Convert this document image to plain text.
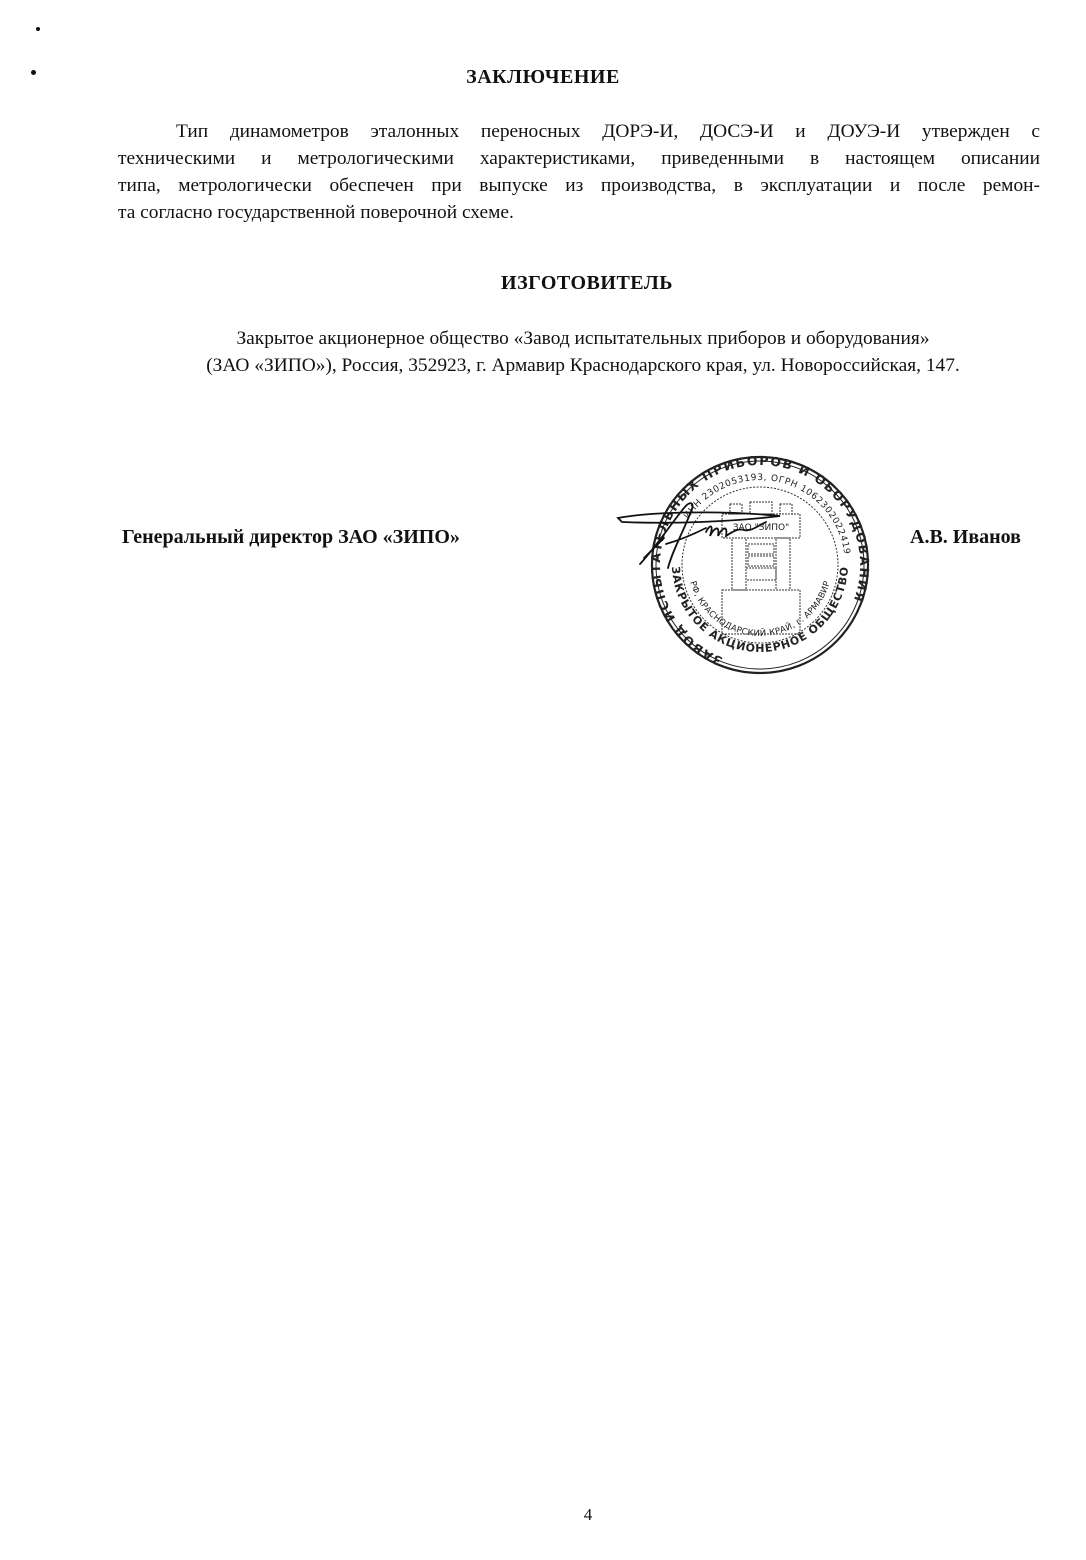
ЗАКЛЮЧЕНИЕ
Тип динамометров эталонных переносных ДОРЭ-И, ДОСЭ-И и ДОУЭ-И утвержден с
техническими и метрологическими характеристиками, приведенными в настоящем описании
типа, метрологически обеспечен при выпуске из производства, в эксплуатации и после ремон-
та согласно государственной поверочной схеме.
ИЗГОТОВИТЕЛЬ

Закрытое акционерное общество «Завод испытательных приборов и оборудования»

(ЗАО «ЗИПО»), Россия, 352923, г. Армавир Краснодарского края, ул. Новороссийская, 147.

Генеральный директор ЗАО «ЗИПО»	А.В. Иванов
ЗАВОД ИСПЫТАТЕЛЬНЫХ ПРИБОРОВ И ОБОРУДОВАНИЯ
ИНН 2302053193, ОГРН 1062302022419
ЗАКРЫТОЕ АКЦИОНЕРНОЕ ОБЩЕСТВО
РФ, КРАСНОДАРСКИЙ КРАЙ, г. АРМАВИР
ЗАО "ЗИПО"
4
